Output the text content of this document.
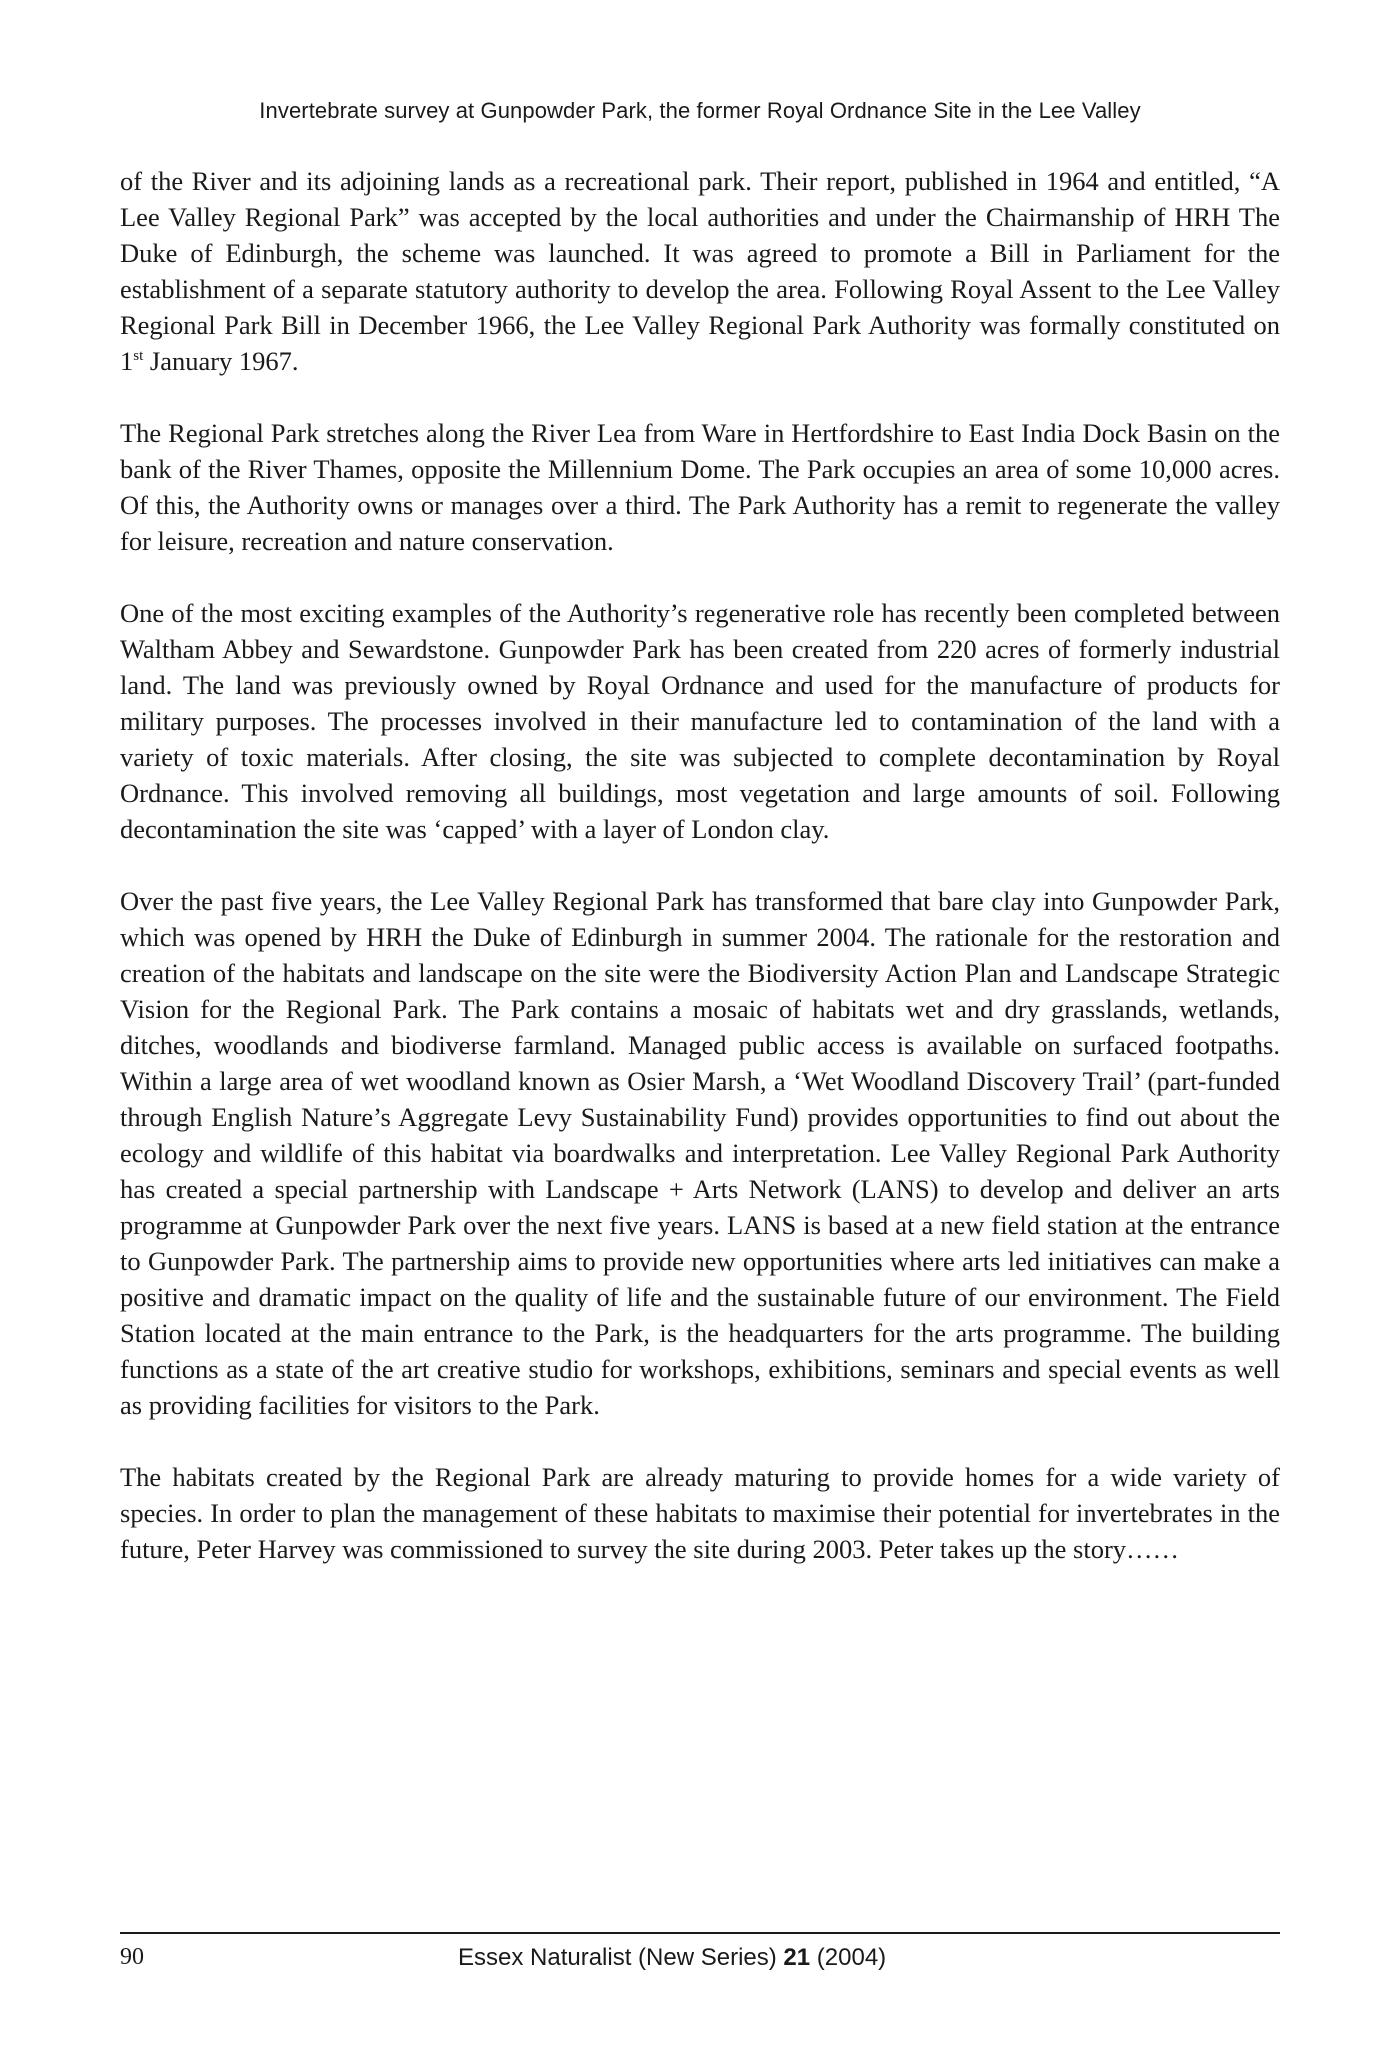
Invertebrate survey at Gunpowder Park, the former Royal Ordnance Site in the Lee Valley

of the River and its adjoining lands as a recreational park. Their report, published in 1964 and entitled, “A Lee Valley Regional Park” was accepted by the local authorities and under the Chairmanship of HRH The Duke of Edinburgh, the scheme was launched. It was agreed to promote a Bill in Parliament for the establishment of a separate statutory authority to develop the area. Following Royal Assent to the Lee Valley Regional Park Bill in December 1966, the Lee Valley Regional Park Authority was formally constituted on 1st January 1967.

The Regional Park stretches along the River Lea from Ware in Hertfordshire to East India Dock Basin on the bank of the River Thames, opposite the Millennium Dome. The Park occupies an area of some 10,000 acres. Of this, the Authority owns or manages over a third. The Park Authority has a remit to regenerate the valley for leisure, recreation and nature conservation.

One of the most exciting examples of the Authority’s regenerative role has recently been completed between Waltham Abbey and Sewardstone. Gunpowder Park has been created from 220 acres of formerly industrial land. The land was previously owned by Royal Ordnance and used for the manufacture of products for military purposes. The processes involved in their manufacture led to contamination of the land with a variety of toxic materials. After closing, the site was subjected to complete decontamination by Royal Ordnance. This involved removing all buildings, most vegetation and large amounts of soil. Following decontamination the site was ‘capped’ with a layer of London clay.

Over the past five years, the Lee Valley Regional Park has transformed that bare clay into Gunpowder Park, which was opened by HRH the Duke of Edinburgh in summer 2004. The rationale for the restoration and creation of the habitats and landscape on the site were the Biodiversity Action Plan and Landscape Strategic Vision for the Regional Park. The Park contains a mosaic of habitats wet and dry grasslands, wetlands, ditches, woodlands and biodiverse farmland. Managed public access is available on surfaced footpaths. Within a large area of wet woodland known as Osier Marsh, a ‘Wet Woodland Discovery Trail’ (part-funded through English Nature’s Aggregate Levy Sustainability Fund) provides opportunities to find out about the ecology and wildlife of this habitat via boardwalks and interpretation. Lee Valley Regional Park Authority has created a special partnership with Landscape + Arts Network (LANS) to develop and deliver an arts programme at Gunpowder Park over the next five years. LANS is based at a new field station at the entrance to Gunpowder Park. The partnership aims to provide new opportunities where arts led initiatives can make a positive and dramatic impact on the quality of life and the sustainable future of our environment. The Field Station located at the main entrance to the Park, is the headquarters for the arts programme. The building functions as a state of the art creative studio for workshops, exhibitions, seminars and special events as well as providing facilities for visitors to the Park.

The habitats created by the Regional Park are already maturing to provide homes for a wide variety of species. In order to plan the management of these habitats to maximise their potential for invertebrates in the future, Peter Harvey was commissioned to survey the site during 2003. Peter takes up the story……

90	Essex Naturalist (New Series) 21 (2004)
